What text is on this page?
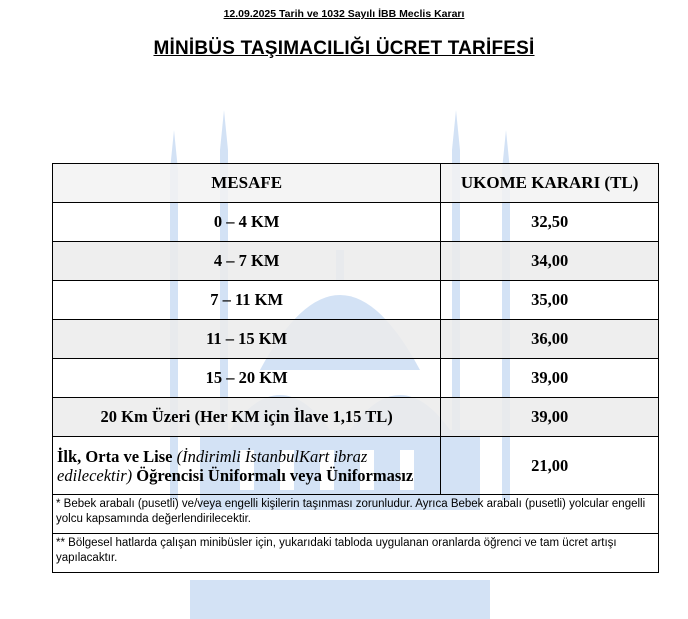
12.09.2025 Tarih ve 1032 Sayılı İBB Meclis Kararı
MİNİBÜS TAŞIMACILIĞI ÜCRET TARİFESİ
MESAFE	UKOME KARARI (TL)
0 – 4 KM	32,50
4 – 7 KM	34,00
7 – 11 KM	35,00
11 – 15 KM	36,00
15 – 20 KM	39,00
20 Km Üzeri (Her KM için İlave 1,15 TL)	39,00
İlk, Orta ve Lise (İndirimli İstanbulKart ibraz edilecektir) Öğrencisi Üniformalı veya Üniformasız	21,00
* Bebek arabalı (pusetli) ve/veya engelli kişilerin taşınması zorunludur. Ayrıca Bebek arabalı (pusetli) yolcular engelli yolcu kapsamında değerlendirilecektir.	
** Bölgesel hatlarda çalışan minibüsler için, yukarıdaki tabloda uygulanan oranlarda öğrenci ve tam ücret artışı yapılacaktır.	
